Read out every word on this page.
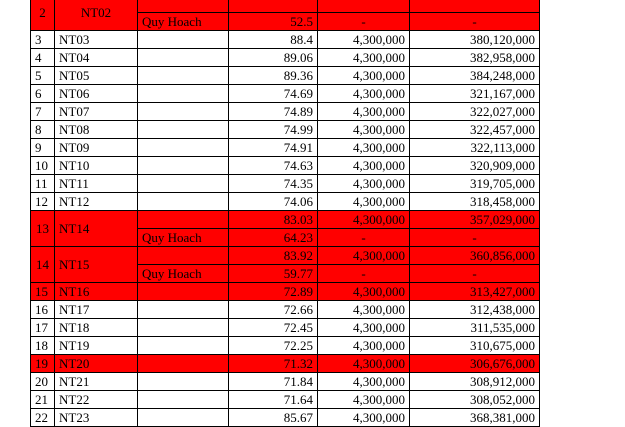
2	NT02				
		Quy Hoach	52.5	-	-
3	NT03		88.4	4,300,000	380,120,000
4	NT04		89.06	4,300,000	382,958,000
5	NT05		89.36	4,300,000	384,248,000
6	NT06		74.69	4,300,000	321,167,000
7	NT07		74.89	4,300,000	322,027,000
8	NT08		74.99	4,300,000	322,457,000
9	NT09		74.91	4,300,000	322,113,000
10	NT10		74.63	4,300,000	320,909,000
11	NT11		74.35	4,300,000	319,705,000
12	NT12		74.06	4,300,000	318,458,000
13	NT14		83.03	4,300,000	357,029,000
		Quy Hoach	64.23	-	-
14	NT15		83.92	4,300,000	360,856,000
		Quy Hoach	59.77	-	-
15	NT16		72.89	4,300,000	313,427,000
16	NT17		72.66	4,300,000	312,438,000
17	NT18		72.45	4,300,000	311,535,000
18	NT19		72.25	4,300,000	310,675,000
19	NT20		71.32	4,300,000	306,676,000
20	NT21		71.84	4,300,000	308,912,000
21	NT22		71.64	4,300,000	308,052,000
22	NT23		85.67	4,300,000	368,381,000
